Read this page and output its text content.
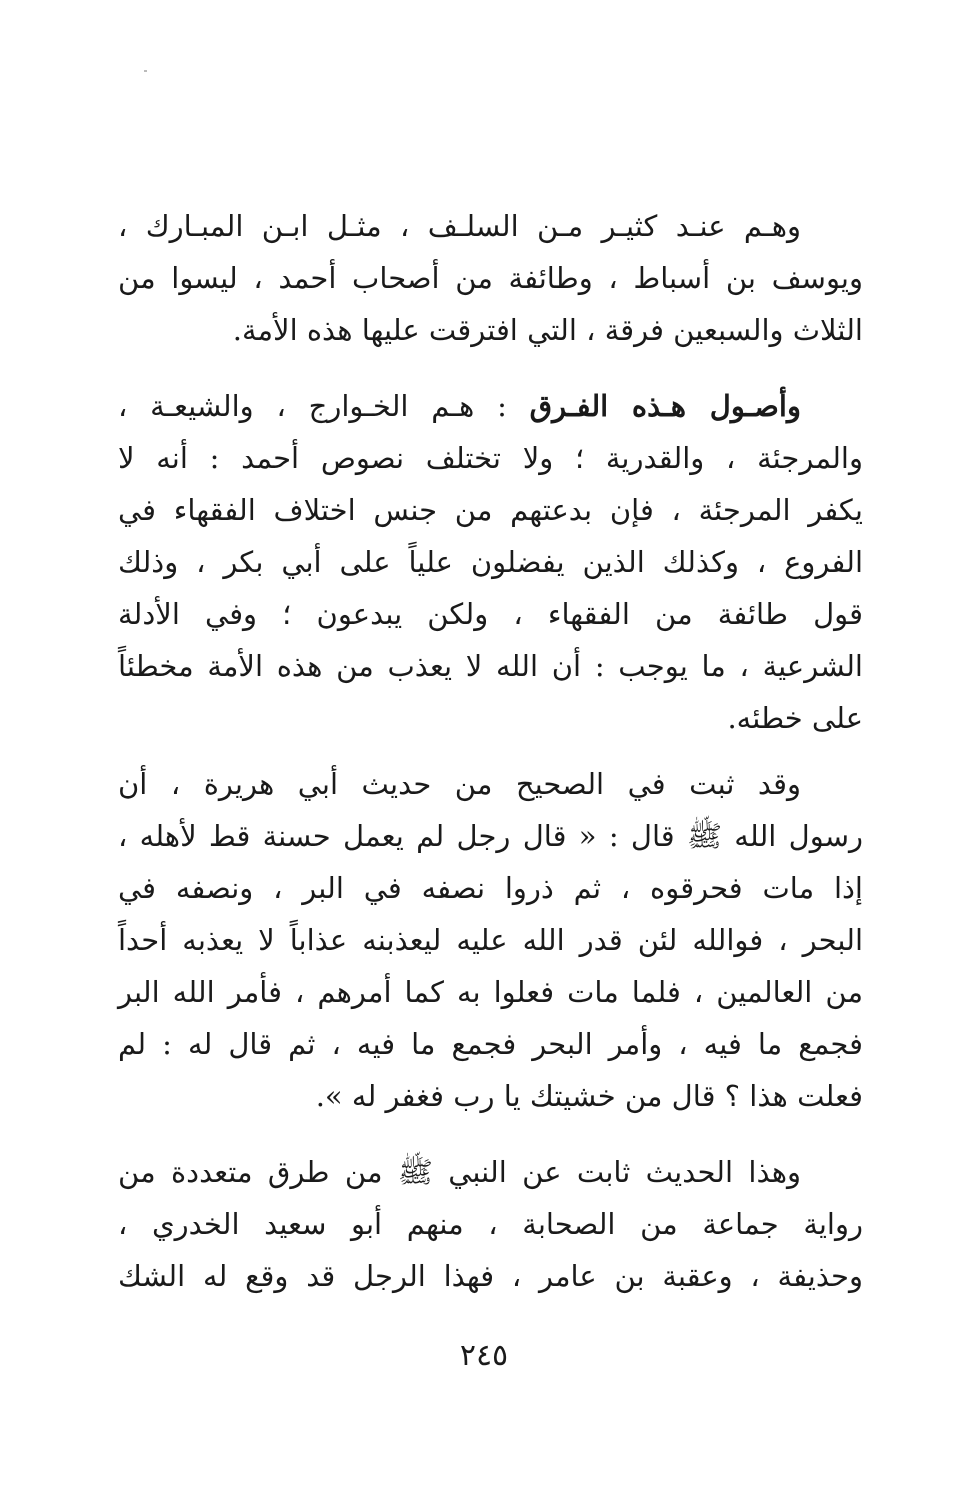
وهـم عنـد كثيـر مـن السلـف ، مثـل ابـن المبـارك ،
ويوسف بن أسباط ، وطائفة من أصحاب أحمد ، ليسوا من
الثلاث والسبعين فرقة ، التي افترقت عليها هذه الأمة.
وأصـول هـذه الفـرق : هـم الخـوارج ، والشيعـة ،
والمرجئة ، والقدرية ؛ ولا تختلف نصوص أحمد : أنه لا
يكفر المرجئة ، فإن بدعتهم من جنس اختلاف الفقهاء في
الفروع ، وكذلك الذين يفضلون علياً على أبي بكر ، وذلك
قول طائفة من الفقهاء ، ولكن يبدعون ؛ وفي الأدلة
الشرعية ، ما يوجب : أن الله لا يعذب من هذه الأمة مخطئاً
على خطئه.
وقد ثبت في الصحيح من حديث أبي هريرة ، أن
رسول الله ﷺ قال : « قال رجل لم يعمل حسنة قط لأهله ،
إذا مات فحرقوه ، ثم ذروا نصفه في البر ، ونصفه في
البحر ، فوالله لئن قدر الله عليه ليعذبنه عذاباً لا يعذبه أحداً
من العالمين ، فلما مات فعلوا به كما أمرهم ، فأمر الله البر
فجمع ما فيه ، وأمر البحر فجمع ما فيه ، ثم قال له : لم
فعلت هذا ؟ قال من خشيتك يا رب فغفر له ».
وهذا الحديث ثابت عن النبي ﷺ من طرق متعددة من
رواية جماعة من الصحابة ، منهم أبو سعيد الخدري ،
وحذيفة ، وعقبة بن عامر ، فهذا الرجل قد وقع له الشك
٢٤٥
